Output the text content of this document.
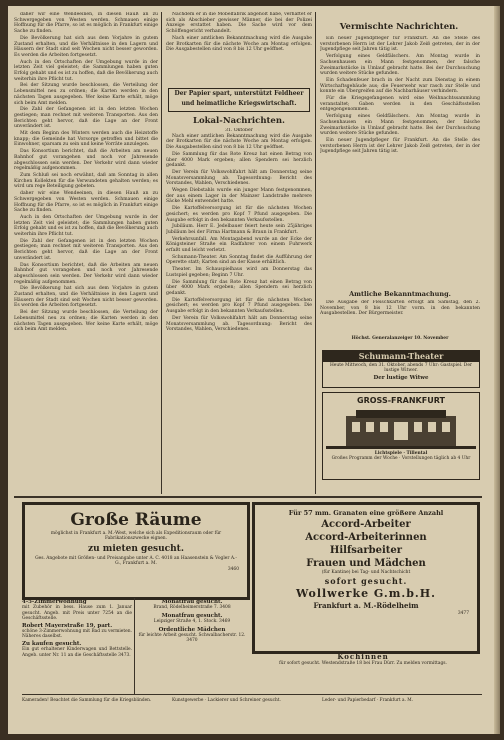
daher wir eine Wendeeinen, in diesen Hauß an zu Schwergegeben von Westen werden. Schmauen einige Hoffnung für die Pfarre, so ist es möglich in Frankfurt einige Sache zu finden.

Die Bevölkerung hat sich aus dem Vorjahre in gutem Zustand erhalten, und die Verhältnisse in den Lagern und Häusern der Stadt sind seit Wochen nicht besser geworden. Es werden die Arbeiten fortgesetzt.

Auch in den Ortschaften der Umgebung wurde in der letzten Zeit viel geleistet; die Sammlungen haben guten Erfolg gehabt und es ist zu hoffen, daß die Bevölkerung auch weiterhin ihre Pflicht tut.

Bei der Sitzung wurde beschlossen, die Verteilung der Lebensmittel neu zu ordnen; die Karten werden in den nächsten Tagen ausgegeben. Wer keine Karte erhält, möge sich beim Amt melden.

Die Zahl der Gefangenen ist in den letzten Wochen gestiegen; man rechnet mit weiteren Transporten. Aus den Berichten geht hervor, daß die Lage an der Front unverändert ist.

Mit dem Beginn des Winters werden auch die Heizstoffe knapp; die Gemeinde hat Vorsorge getroffen und bittet die Einwohner, sparsam zu sein und keine Vorräte anzulegen.

Das Konsortium berichtet, daß die Arbeiten am neuen Bahnhof gut vorangehen und noch vor Jahresende abgeschlossen sein werden. Der Verkehr wird dann wieder regelmäßig aufgenommen.

Zum Schluß sei noch erwähnt, daß am Sonntag in allen Kirchen Kollekten für die Verwundeten gehalten werden; es wird um rege Beteiligung gebeten.

daher wir eine Wendeeinen, in diesen Hauß an zu Schwergegeben von Westen werden. Schmauen einige Hoffnung für die Pfarre, so ist es möglich in Frankfurt einige Sache zu finden.

Auch in den Ortschaften der Umgebung wurde in der letzten Zeit viel geleistet; die Sammlungen haben guten Erfolg gehabt und es ist zu hoffen, daß die Bevölkerung auch weiterhin ihre Pflicht tut.

Die Zahl der Gefangenen ist in den letzten Wochen gestiegen; man rechnet mit weiteren Transporten. Aus den Berichten geht hervor, daß die Lage an der Front unverändert ist.

Das Konsortium berichtet, daß die Arbeiten am neuen Bahnhof gut vorangehen und noch vor Jahresende abgeschlossen sein werden. Der Verkehr wird dann wieder regelmäßig aufgenommen.

Die Bevölkerung hat sich aus dem Vorjahre in gutem Zustand erhalten, und die Verhältnisse in den Lagern und Häusern der Stadt sind seit Wochen nicht besser geworden. Es werden die Arbeiten fortgesetzt.

Bei der Sitzung wurde beschlossen, die Verteilung der Lebensmittel neu zu ordnen; die Karten werden in den nächsten Tagen ausgegeben. Wer keine Karte erhält, möge sich beim Amt melden.

Nachdem er in die Möbelfabrik abgeholt habe, verhaftet er sich als Abschieber gewisser Männer, die bei der Polizei Anzeige erstattet haben. Die Sache wird vor dem Schöffengericht verhandelt.

Nach einer amtlichen Bekanntmachung wird die Ausgabe der Brotkarten für die nächste Woche am Montag erfolgen. Die Ausgabestellen sind von 8 bis 12 Uhr geöffnet.

Der Papier spart, unterstützt Feldheer und heimatliche Kriegswirtschaft.
Lokal-Nachrichten.
31. Oktober

Nach einer amtlichen Bekanntmachung wird die Ausgabe der Brotkarten für die nächste Woche am Montag erfolgen. Die Ausgabestellen sind von 8 bis 12 Uhr geöffnet.

Die Sammlung für das Rote Kreuz hat einen Betrag von über 4000 Mark ergeben; allen Spendern sei herzlich gedankt.

Der Verein für Volkswohlfahrt hält am Donnerstag seine Monatsversammlung ab. Tagesordnung: Bericht des Vorstandes, Wahlen, Verschiedenes.

Wegen Diebstahls wurde ein junger Mann festgenommen, der aus einem Lager in der Mainzer Landstraße mehrere Säcke Mehl entwendet hatte.

Die Kartoffelversorgung ist für die nächsten Wochen gesichert; es werden pro Kopf 7 Pfund ausgegeben. Die Ausgabe erfolgt in den bekannten Verkaufsstellen.

Jubiläum. Herr E. Jedelbauer feiert heute sein 25jähriges Jubiläum bei der Firma Hartmann & Braun in Frankfurt.

Verkehrsunfall. Am Montagabend wurde an der Ecke der Königsteiner Straße ein Radfahrer von einem Fuhrwerk erfaßt und leicht verletzt.

Schumann-Theater. Am Sonntag findet die Aufführung der Operette statt; Karten sind an der Kasse erhältlich.

Theater. Im Schauspielhaus wird am Donnerstag das Lustspiel gegeben; Beginn 7 Uhr.

Die Sammlung für das Rote Kreuz hat einen Betrag von über 4000 Mark ergeben; allen Spendern sei herzlich gedankt.

Die Kartoffelversorgung ist für die nächsten Wochen gesichert; es werden pro Kopf 7 Pfund ausgegeben. Die Ausgabe erfolgt in den bekannten Verkaufsstellen.

Der Verein für Volkswohlfahrt hält am Donnerstag seine Monatsversammlung ab. Tagesordnung: Bericht des Vorstandes, Wahlen, Verschiedenes.

Vermischte Nachrichten.

Ein neuer Jugendpfleger für Frankfurt. An die Stelle des verstorbenen Herrn ist der Lehrer Jakob Zeiß getreten, der in der Jugendpflege seit Jahren tätig ist.

Verfolgung eines Geldfälschers. Am Montag wurde in Sachsenhausen ein Mann festgenommen, der falsche Zweimarkstücke in Umlauf gebracht hatte. Bei der Durchsuchung wurden weitere Stücke gefunden.

Ein Schadenfeuer brach in der Nacht zum Dienstag in einem Wirtschaftsgebäude aus; die Feuerwehr war rasch zur Stelle und konnte ein Übergreifen auf die Nachbarhäuser verhindern.

Für die Kriegsgefangenen wird eine Weihnachtssammlung veranstaltet; Gaben werden in den Geschäftsstellen entgegengenommen.

Verfolgung eines Geldfälschers. Am Montag wurde in Sachsenhausen ein Mann festgenommen, der falsche Zweimarkstücke in Umlauf gebracht hatte. Bei der Durchsuchung wurden weitere Stücke gefunden.

Ein neuer Jugendpfleger für Frankfurt. An die Stelle des verstorbenen Herrn ist der Lehrer Jakob Zeiß getreten, der in der Jugendpflege seit Jahren tätig ist.

Amtliche Bekanntmachung.

Die Ausgabe der Fleischkarten erfolgt am Samstag, den 2. November, von 8 bis 12 Uhr vorm. in den bekannten Ausgabestellen. Der Bürgermeister.

Höchst. Generalanzeiger 10. November
Schumann-Theater
Heute Mittwoch, den 31. Oktober, abends 7 Uhr: Gastspiel. Der lustige Witwer.
Der lustige Witwe
GROSS-FRANKFURT
Lichtspiele · Tillental
Großes Programm der Woche · Vorstellungen täglich ab 4 Uhr
Große Räume
möglichst in Frankfurt a. M.-West, welche sich als Expeditionsraum oder für Fabrikationszwecke eignen.
zu mieten gesucht.
Ges. Angebote mit Größen- und Preisangabe unter A. C. 4018 an Haasenstein & Vogler A.-G., Frankfurt a. M.
3460
Für 57 mm. Granaten eine größere Anzahl
Accord-Arbeiter
Accord-Arbeiterinnen
Hilfsarbeiter
Frauen und Mädchen
(für Kantine) bei Tag- und Nachtschicht
sofort gesucht.
Wollwerke G.m.b.H.
Frankfurt a. M.-Rödelheim
3477
4-5-Zimmerwohnung
mit Zubehör in bess. Hause zum 1. Januar gesucht. Angeb. mit Preis unter 7254 an die Geschäftsstelle.
Robert Mayerstraße 19, part.
schöne 3-Zimmerwohnung mit Bad zu vermieten. Näheres daselbst.
Zu kaufen gesucht.
Ein gut erhaltener Kinderwagen und Bettstelle. Angeb. unter Nr. 11 an die Geschäftsstelle 3473.
Monatfrau gesucht.
Brand, Rödelheimerstraße 7. 3408
Monatfrau gesucht.
Leipziger Straße 4, 1. Stock. 3469
Ordentliche Mädchen
für leichte Arbeit gesucht. Schwalbacherstr. 12. 3470
Köchinnen
für sofort gesucht. Westendstraße 18 bei Frau Dürr. Zu melden vormittags.
Kameraden! Beachtet die Sammlung für die Kriegsblinden.	Kunstgewerbe · Lackierer und Schreiner gesucht.	Leder- und Papierbedarf · Frankfurt a. M.
